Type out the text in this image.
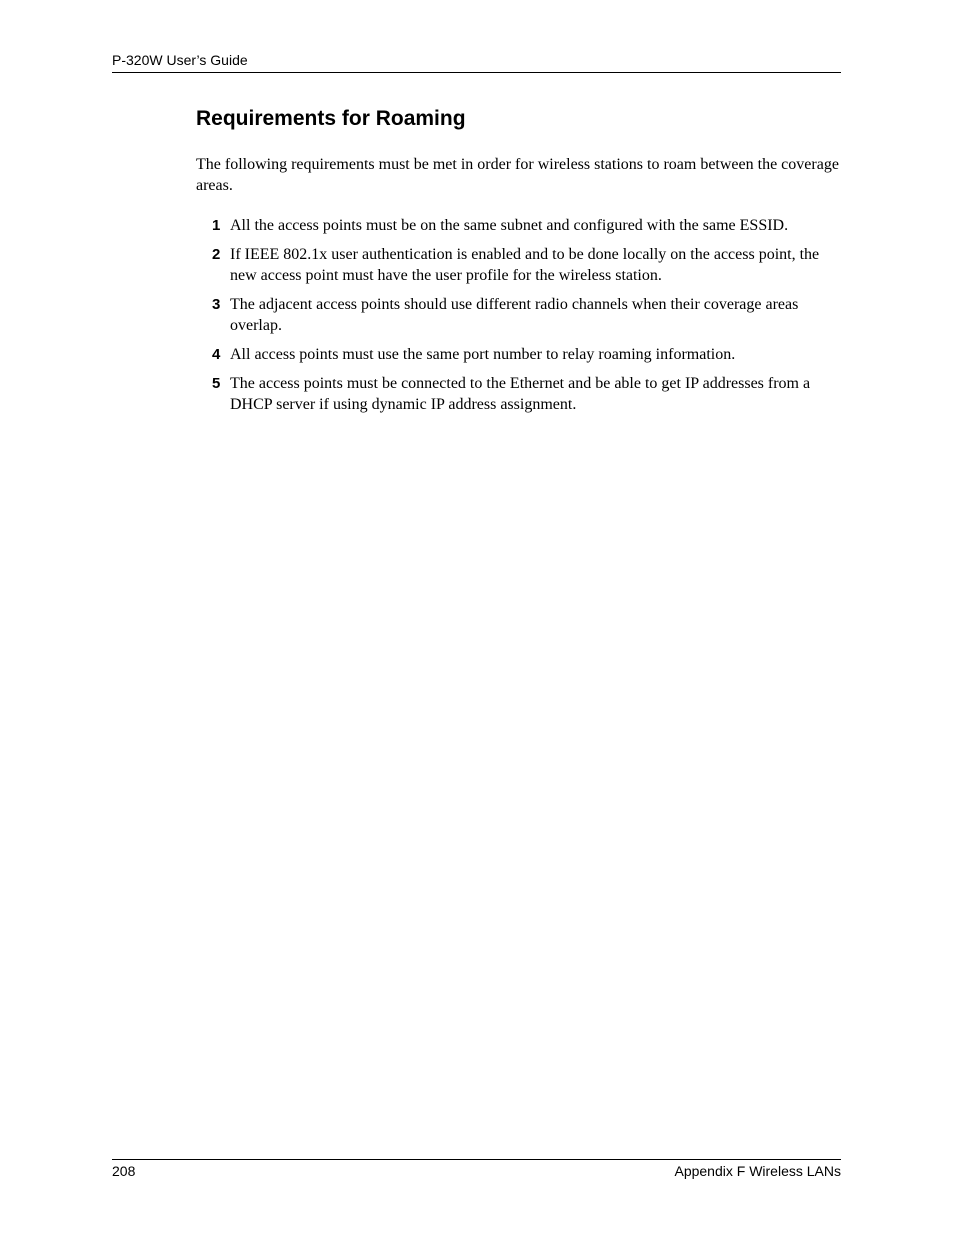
P-320W User’s Guide
Requirements for Roaming

The following requirements must be met in order for wireless stations to roam between the coverage areas.

1 All the access points must be on the same subnet and configured with the same ESSID.
2 If IEEE 802.1x user authentication is enabled and to be done locally on the access point, the new access point must have the user profile for the wireless station.
3 The adjacent access points should use different radio channels when their coverage areas overlap.
4 All access points must use the same port number to relay roaming information.
5 The access points must be connected to the Ethernet and be able to get IP addresses from a DHCP server if using dynamic IP address assignment.
208	Appendix F Wireless LANs
